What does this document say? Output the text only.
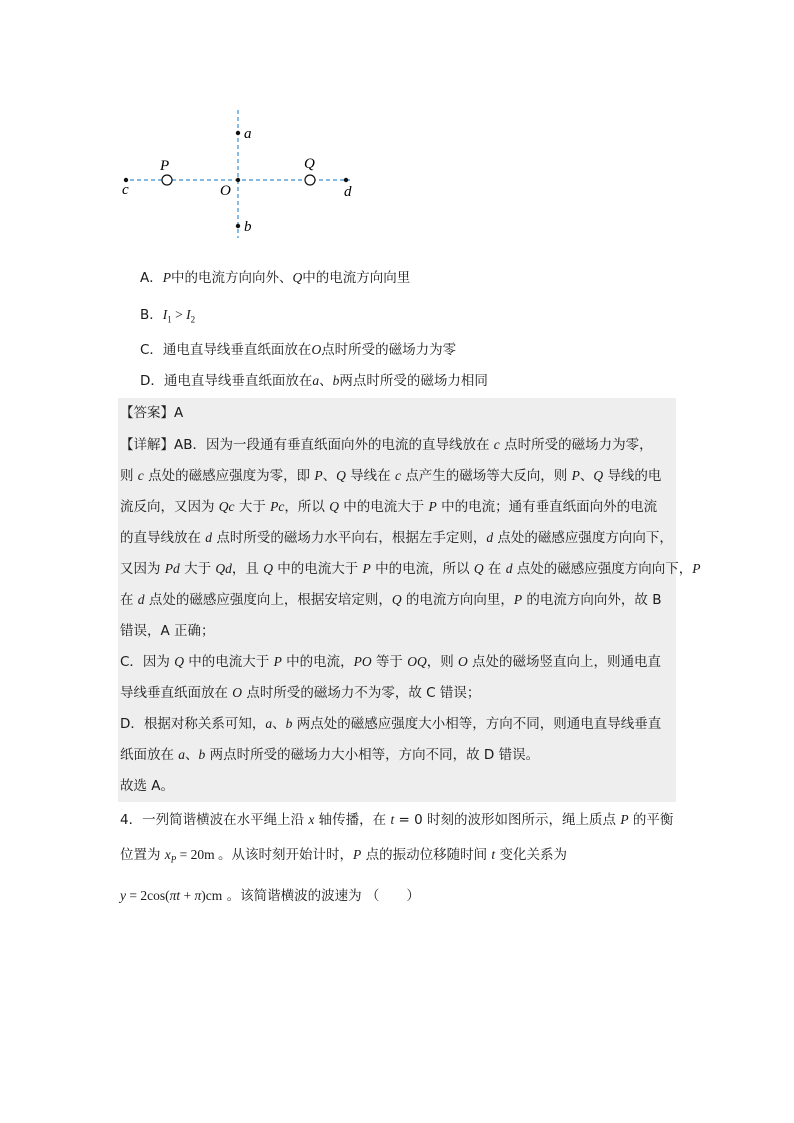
a
b
c	d
P	Q
O
A．P中的电流方向向外、Q中的电流方向向里
B．$I_1 > I_2$
C．通电直导线垂直纸面放在O点时所受的磁场力为零
D．通电直导线垂直纸面放在a、b两点时所受的磁场力相同
【答案】A
【详解】AB．因为一段通有垂直纸面向外的电流的直导线放在 c 点时所受的磁场力为零，
则 c 点处的磁感应强度为零，即 P、Q 导线在 c 点产生的磁场等大反向，则 P、Q 导线的电
流反向，又因为 Qc 大于 Pc，所以 Q 中的电流大于 P 中的电流；通有垂直纸面向外的电流
的直导线放在 d 点时所受的磁场力水平向右，根据左手定则，d 点处的磁感应强度方向向下，
又因为 Pd 大于 Qd，且 Q 中的电流大于 P 中的电流，所以 Q 在 d 点处的磁感应强度方向向下，P
在 d 点处的磁感应强度向上，根据安培定则，Q 的电流方向向里，P 的电流方向向外，故 B
错误，A 正确；
C．因为 Q 中的电流大于 P 中的电流，PO 等于 OQ，则 O 点处的磁场竖直向上，则通电直
导线垂直纸面放在 O 点时所受的磁场力不为零，故 C 错误；
D．根据对称关系可知，a、b 两点处的磁感应强度大小相等，方向不同，则通电直导线垂直
纸面放在 a、b 两点时所受的磁场力大小相等，方向不同，故 D 错误。
故选 A。
4．一列简谐横波在水平绳上沿 x 轴传播，在 t = 0 时刻的波形如图所示，绳上质点 P 的平衡
位置为 $x_P = 20m$ 。从该时刻开始计时，P 点的振动位移随时间 t 变化关系为
y = 2cos(πt + π)cm 。该简谐横波的波速为 （　　）
